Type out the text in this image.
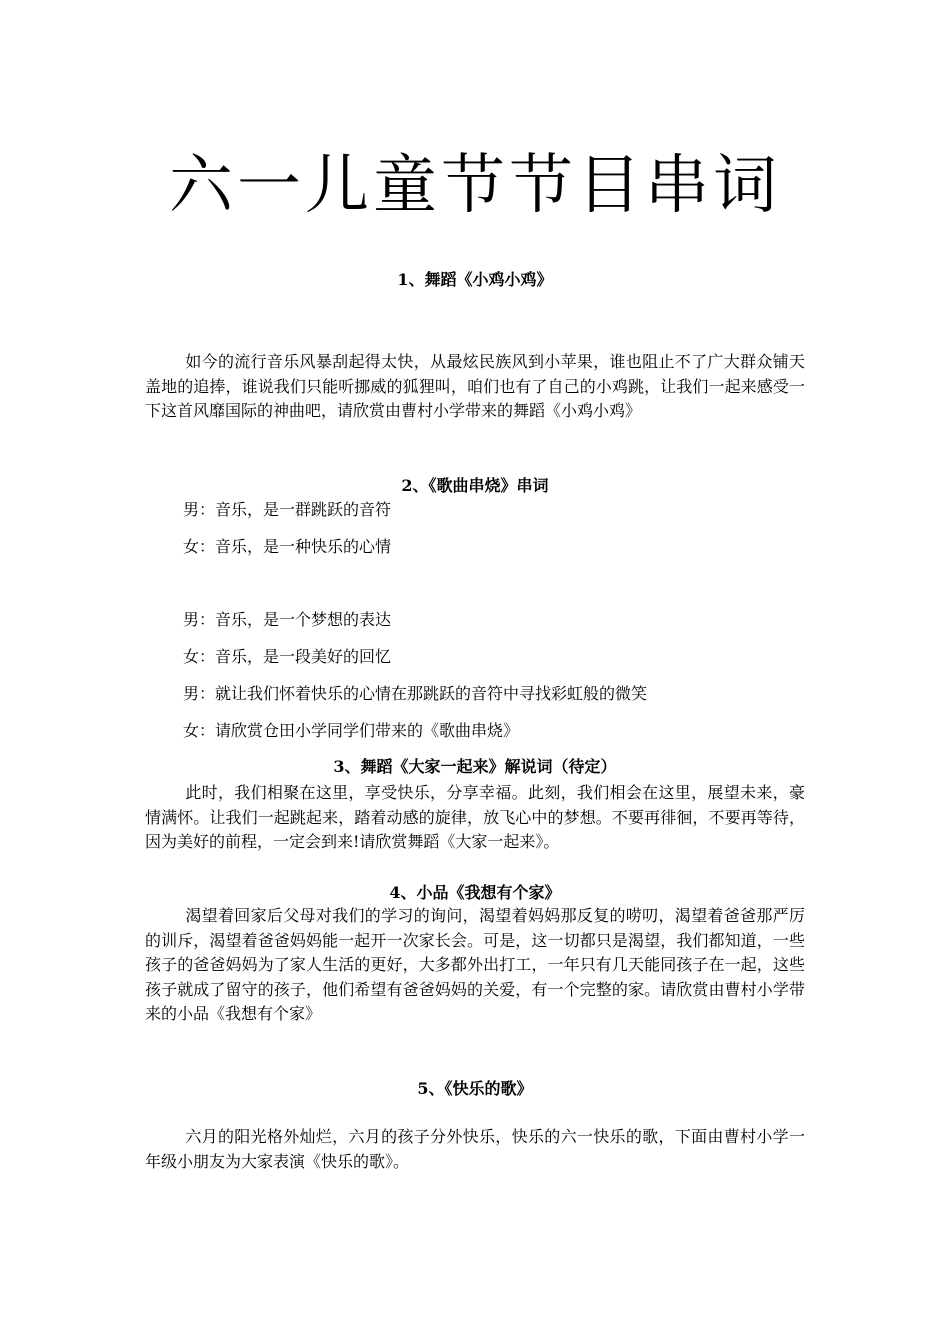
六一儿童节节目串词
1、舞蹈《小鸡小鸡》

如今的流行音乐风暴刮起得太快，从最炫民族风到小苹果，谁也阻止不了广大群众铺天盖地的追捧，谁说我们只能听挪威的狐狸叫，咱们也有了自己的小鸡跳，让我们一起来感受一下这首风靡国际的神曲吧，请欣赏由曹村小学带来的舞蹈《小鸡小鸡》

2、《歌曲串烧》串词
男：音乐，是一群跳跃的音符
女：音乐，是一种快乐的心情
男：音乐，是一个梦想的表达
女：音乐，是一段美好的回忆
男：就让我们怀着快乐的心情在那跳跃的音符中寻找彩虹般的微笑
女：请欣赏仓田小学同学们带来的《歌曲串烧》
3、舞蹈《大家一起来》解说词（待定）

此时，我们相聚在这里，享受快乐，分享幸福。此刻，我们相会在这里，展望未来，豪情满怀。让我们一起跳起来，踏着动感的旋律，放飞心中的梦想。不要再徘徊，不要再等待，因为美好的前程，一定会到来!请欣赏舞蹈《大家一起来》。

4、小品《我想有个家》

渴望着回家后父母对我们的学习的询问，渴望着妈妈那反复的唠叨，渴望着爸爸那严厉的训斥，渴望着爸爸妈妈能一起开一次家长会。可是，这一切都只是渴望，我们都知道，一些孩子的爸爸妈妈为了家人生活的更好，大多都外出打工，一年只有几天能同孩子在一起，这些孩子就成了留守的孩子，他们希望有爸爸妈妈的关爱，有一个完整的家。请欣赏由曹村小学带来的小品《我想有个家》

5、《快乐的歌》

六月的阳光格外灿烂，六月的孩子分外快乐，快乐的六一快乐的歌，下面由曹村小学一年级小朋友为大家表演《快乐的歌》。
